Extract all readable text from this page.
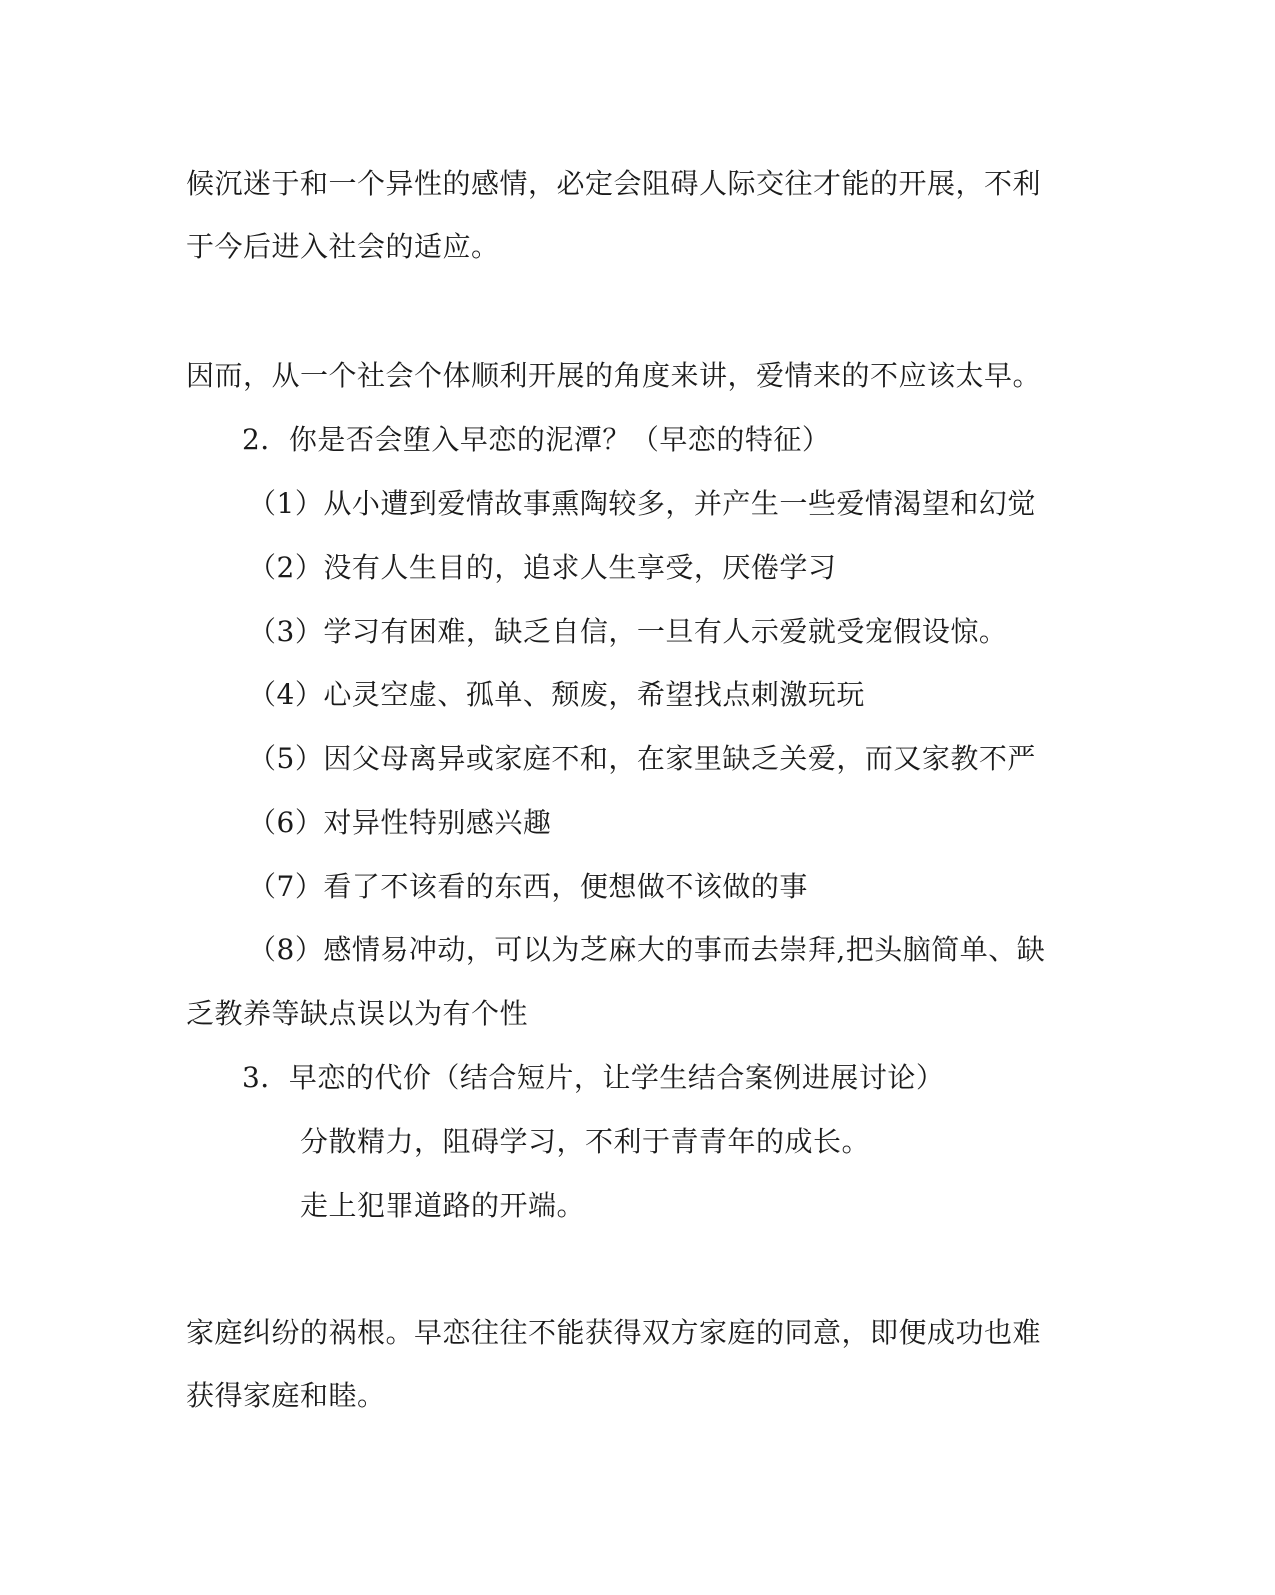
候沉迷于和一个异性的感情，必定会阻碍人际交往才能的开展，不利
于今后进入社会的适应。
因而，从一个社会个体顺利开展的角度来讲，爱情来的不应该太早。
2．你是否会堕入早恋的泥潭？（早恋的特征）
（1）从小遭到爱情故事熏陶较多，并产生一些爱情渴望和幻觉
（2）没有人生目的，追求人生享受，厌倦学习
（3）学习有困难，缺乏自信，一旦有人示爱就受宠假设惊。
（4）心灵空虚、孤单、颓废，希望找点刺激玩玩
（5）因父母离异或家庭不和，在家里缺乏关爱，而又家教不严
（6）对异性特别感兴趣
（7）看了不该看的东西，便想做不该做的事
（8）感情易冲动，可以为芝麻大的事而去崇拜,把头脑简单、缺
乏教养等缺点误以为有个性
3．早恋的代价（结合短片，让学生结合案例进展讨论）
分散精力，阻碍学习，不利于青青年的成长。
走上犯罪道路的开端。
家庭纠纷的祸根。早恋往往不能获得双方家庭的同意，即便成功也难
获得家庭和睦。
